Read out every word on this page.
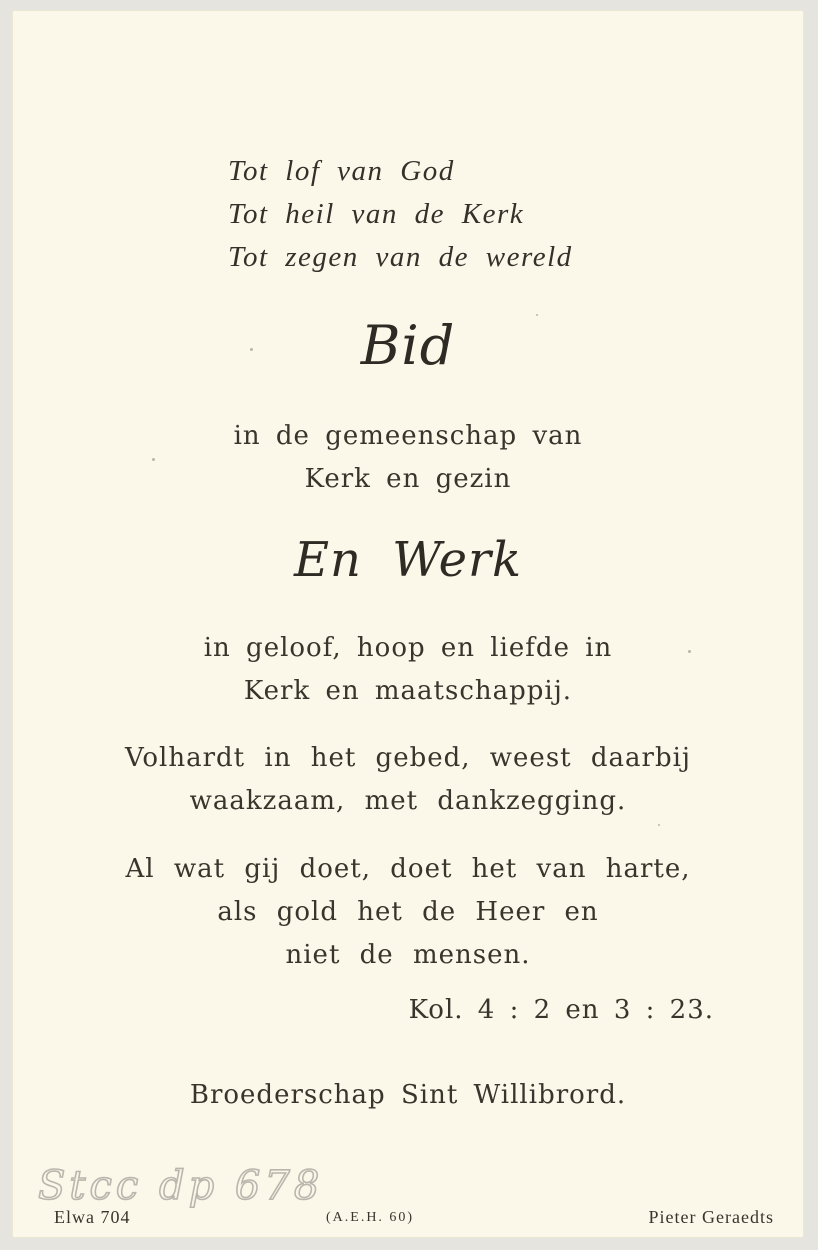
Tot lof van God
Tot heil van de Kerk
Tot zegen van de wereld
Bid
in de gemeenschap van
Kerk en gezin
En Werk
in geloof, hoop en liefde in
Kerk en maatschappij.
Volhardt in het gebed, weest daarbij
waakzaam, met dankzegging.
Al wat gij doet, doet het van harte,
als gold het de Heer en
niet de mensen.
Kol. 4 : 2 en 3 : 23.
Broederschap Sint Willibrord.
Stcc dp 678
Elwa 704	(A.E.H. 60)	Pieter Geraedts
